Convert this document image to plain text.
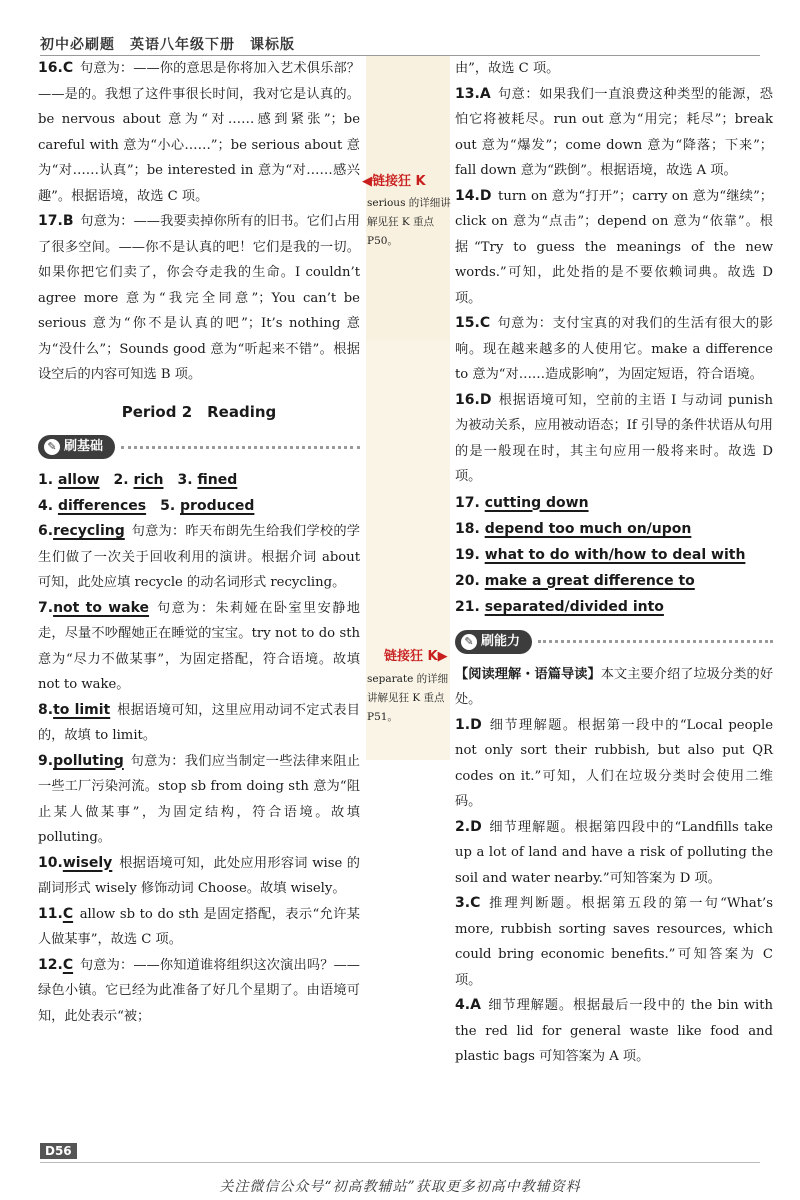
初中必刷题　英语八年级下册　课标版
16.C  句意为：——你的意思是你将加入艺术俱乐部？——是的。我想了这件事很长时间，我对它是认真的。be nervous about 意为“对……感到紧张”；be careful with 意为“小心……”；be serious about 意为“对……认真”；be interested in 意为“对……感兴趣”。根据语境，故选 C 项。
17.B  句意为：——我要卖掉你所有的旧书。它们占用了很多空间。——你不是认真的吧！它们是我的一切。如果你把它们卖了，你会夺走我的生命。I couldn’t agree more 意为“我完全同意”；You can’t be serious 意为“你不是认真的吧”；It’s nothing 意为“没什么”；Sounds good 意为“听起来不错”。根据设空后的内容可知选 B 项。
Period 2　Reading
✎ 刷基础
1. allow   2. rich   3. fined  
4. differences   5. produced  
6.recycling  句意为：昨天布朗先生给我们学校的学生们做了一次关于回收利用的演讲。根据介词 about 可知，此处应填 recycle 的动名词形式 recycling。
7.not to wake  句意为：朱莉娅在卧室里安静地走，尽量不吵醒她正在睡觉的宝宝。try not to do sth 意为“尽力不做某事”，为固定搭配，符合语境。故填 not to wake。
8.to limit  根据语境可知，这里应用动词不定式表目的，故填 to limit。
9.polluting  句意为：我们应当制定一些法律来阻止一些工厂污染河流。stop sb from doing sth 意为“阻止某人做某事”，为固定结构，符合语境。故填 polluting。
10.wisely  根据语境可知，此处应用形容词 wise 的副词形式 wisely 修饰动词 Choose。故填 wisely。
11.C  allow sb to do sth 是固定搭配，表示“允许某人做某事”，故选 C 项。
12.C  句意为：——你知道谁将组织这次演出吗？——绿色小镇。它已经为此准备了好几个星期了。由语境可知，此处表示“被；
由”，故选 C 项。
13.A  句意：如果我们一直浪费这种类型的能源，恐怕它将被耗尽。run out 意为“用完；耗尽”；break out 意为“爆发”；come down 意为“降落；下来”；fall down 意为“跌倒”。根据语境，故选 A 项。
14.D  turn on 意为“打开”；carry on 意为“继续”；click on 意为“点击”；depend on 意为“依靠”。根据“Try to guess the meanings of the new words.”可知，此处指的是不要依赖词典。故选 D 项。
15.C  句意为：支付宝真的对我们的生活有很大的影响。现在越来越多的人使用它。make a difference to 意为“对……造成影响”，为固定短语，符合语境。
16.D  根据语境可知，空前的主语 I 与动词 punish 为被动关系，应用被动语态；If 引导的条件状语从句用的是一般现在时，其主句应用一般将来时。故选 D 项。
17. cutting down
18. depend too much on/upon
19. what to do with/how to deal with
20. make a great difference to
21. separated/divided into
✎ 刷能力
【阅读理解・语篇导读】本文主要介绍了垃圾分类的好处。
1.D  细节理解题。根据第一段中的“Local people not only sort their rubbish, but also put QR codes on it.”可知，人们在垃圾分类时会使用二维码。
2.D  细节理解题。根据第四段中的“Landfills take up a lot of land and have a risk of polluting the soil and water nearby.”可知答案为 D 项。
3.C  推理判断题。根据第五段的第一句“What’s more, rubbish sorting saves resources, which could bring economic benefits.”可知答案为 C 项。
4.A  细节理解题。根据最后一段中的 the bin with the red lid for general waste like food and plastic bags 可知答案为 A 项。
◀链接狂 K
serious 的详细讲解见狂 K 重点 P50。
链接狂 K▶
separate 的详细讲解见狂 K 重点 P51。
D56
关注微信公众号“初高教辅站”获取更多初高中教辅资料
